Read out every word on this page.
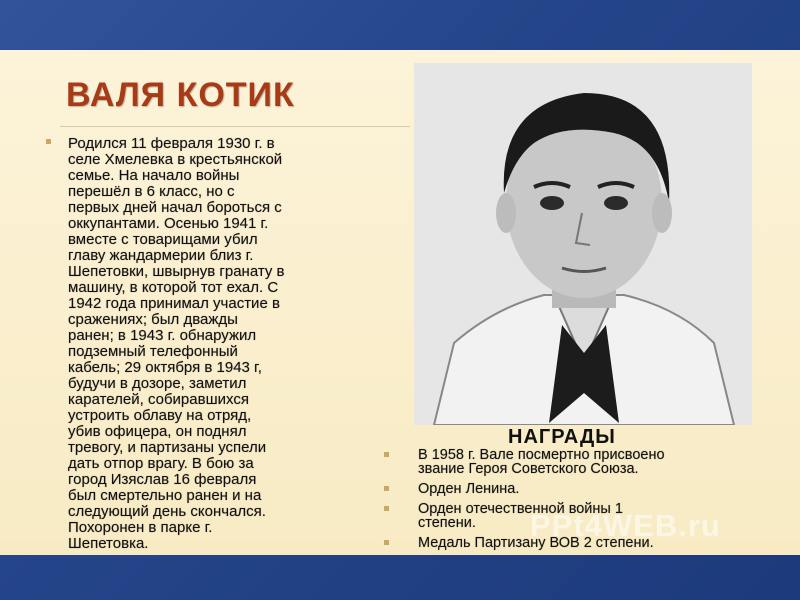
ВАЛЯ КОТИК

Родился 11 февраля 1930 г. в
селе Хмелевка в крестьянской
семье. На начало войны
перешёл в 6 класс, но с
первых дней начал бороться с
оккупантами. Осенью 1941 г.
вместе с товарищами убил
главу жандармерии близ г.
Шепетовки, швырнув гранату в
машину, в которой тот ехал. С
1942 года принимал участие в
сражениях; был дважды
ранен; в 1943 г. обнаружил
подземный телефонный
кабель; 29 октября в 1943 г,
будучи в дозоре, заметил
карателей, собиравшихся
устроить облаву на отряд,
убив офицера, он поднял
тревогу, и партизаны успели
дать отпор врагу. В бою за
город Изяслав 16 февраля
был смертельно ранен и на
следующий день скончался.
Похоронен в парке г.
Шепетовка.

НАГРАДЫ
В 1958 г. Вале посмертно присвоено
звание Героя Советского Союза.
Орден Ленина.
Орден отечественной войны 1
степени.
Медаль Партизану ВОВ 2 степени.
PPt4WEB.ru
